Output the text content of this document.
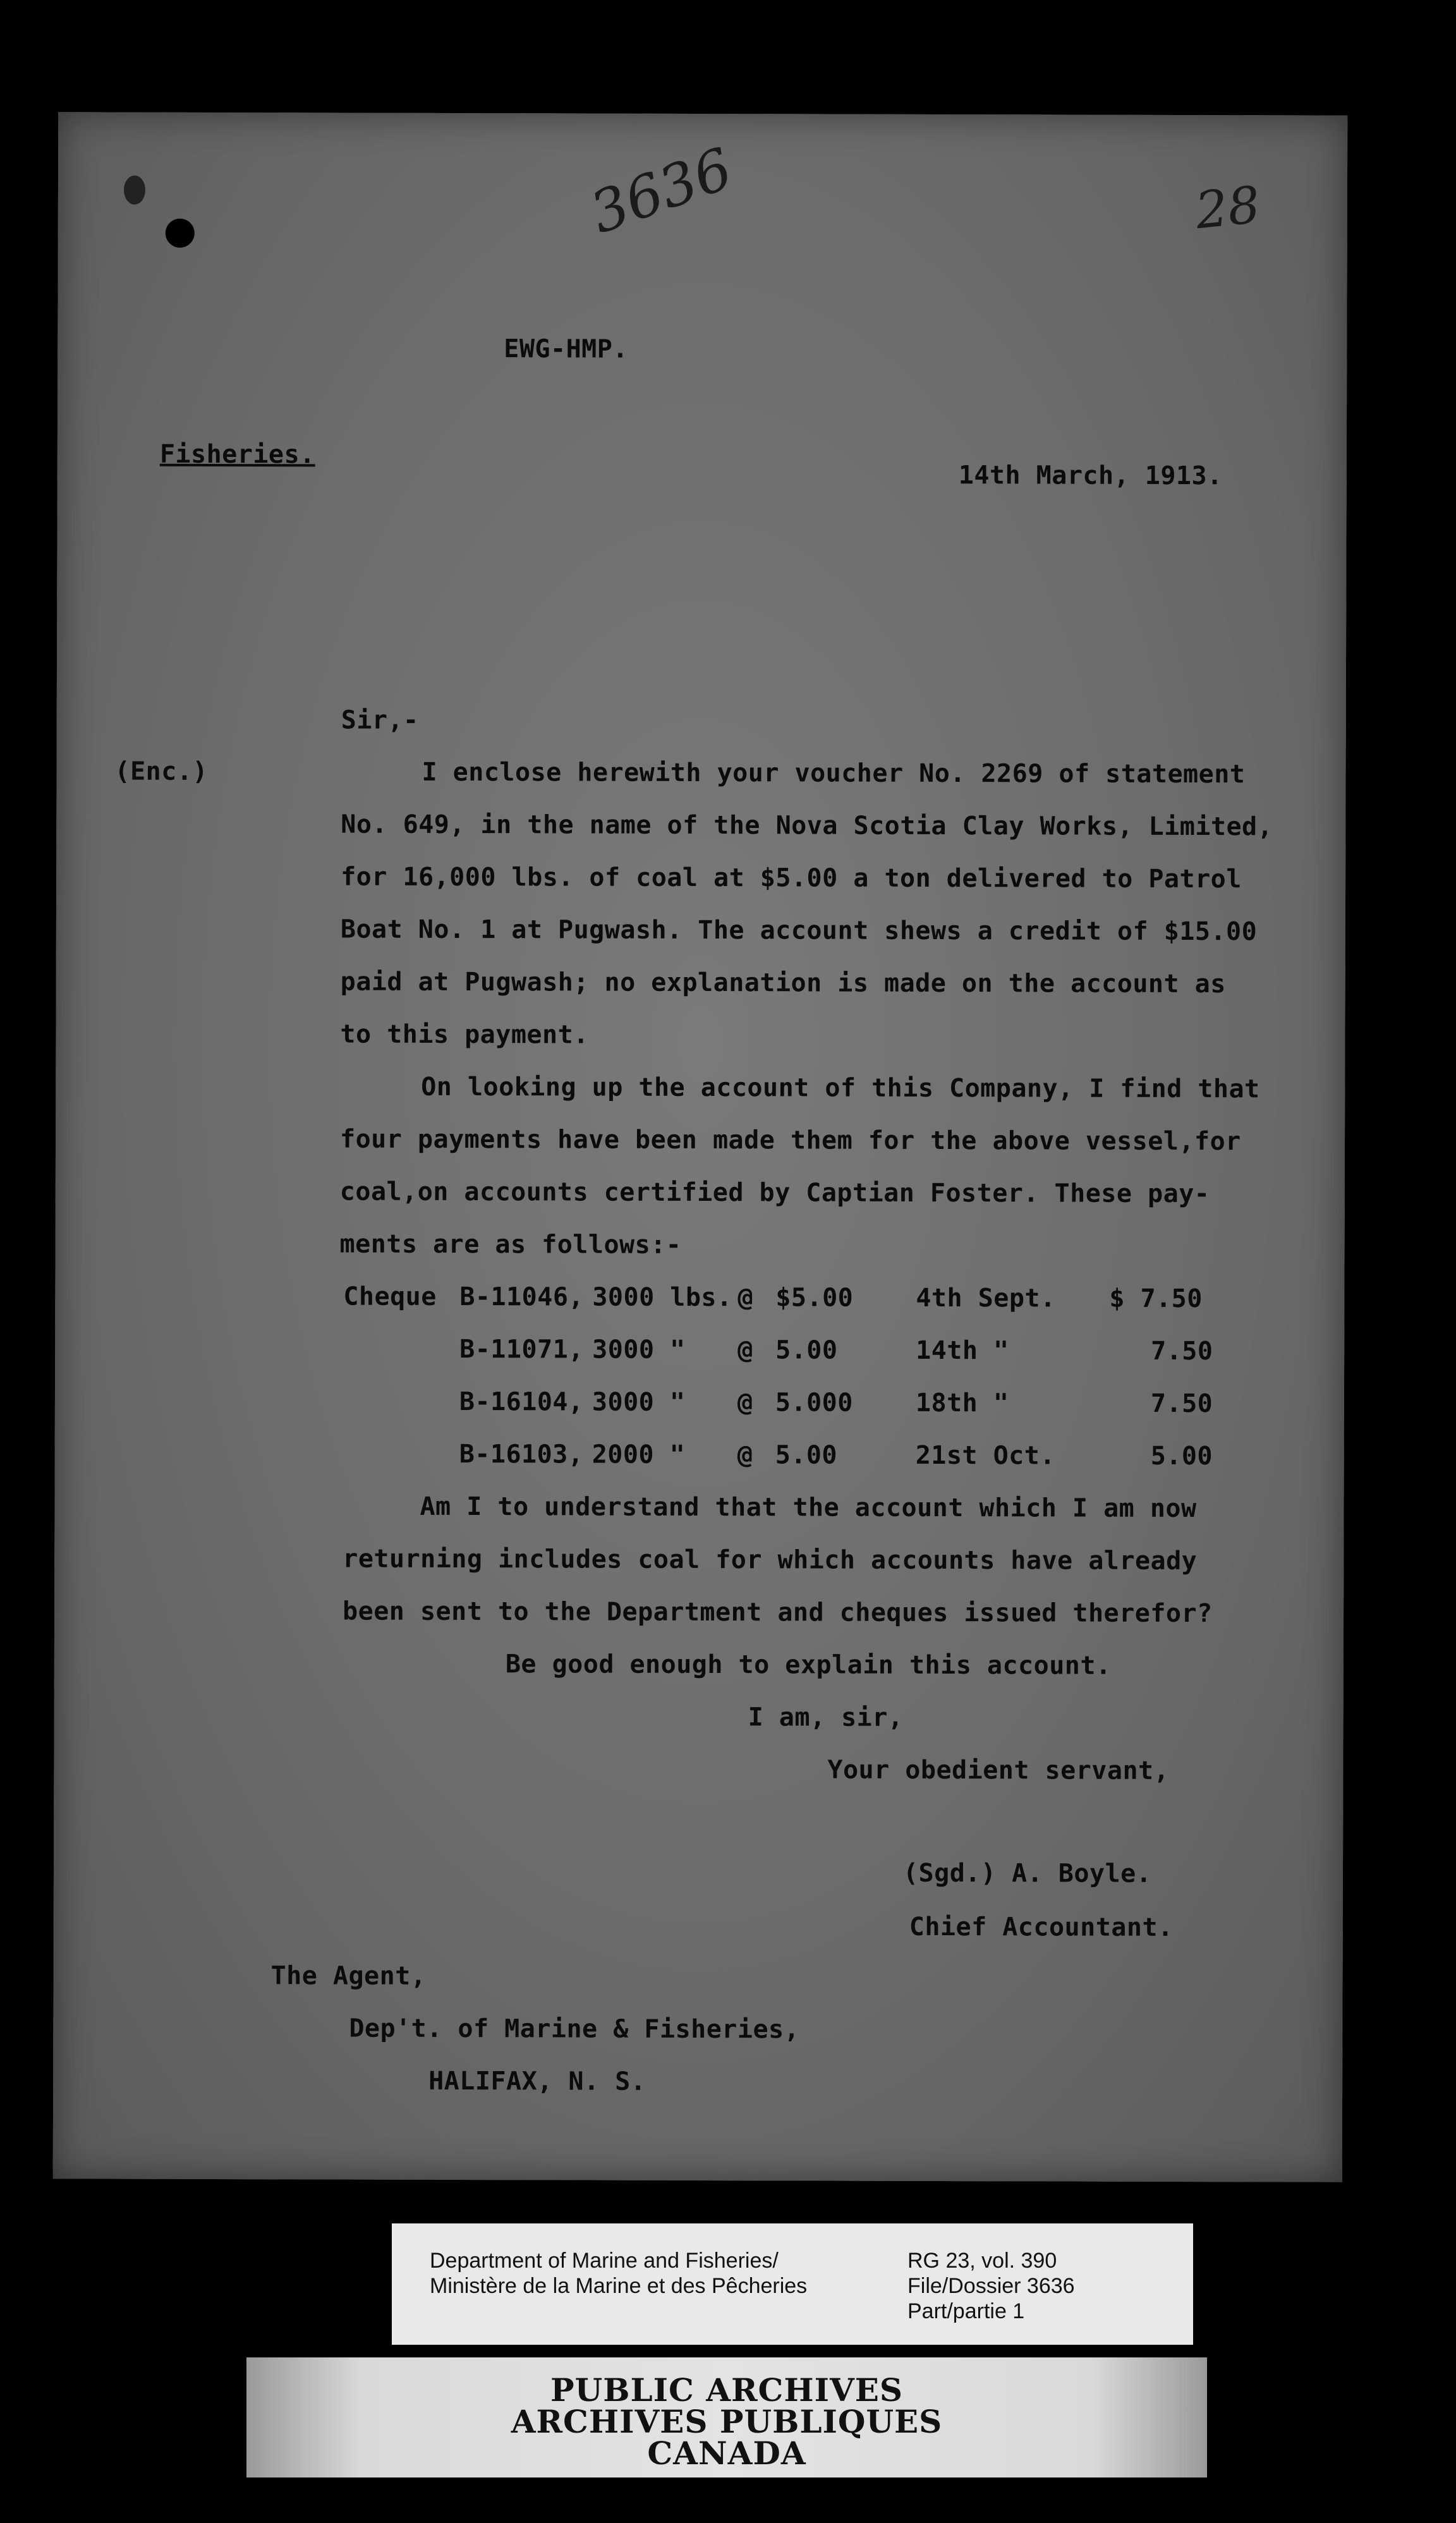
3636	28
EWG-HMP.
Fisheries.
14th March, 1913.
Sir,-
(Enc.)	I enclose herewith your voucher No. 2269 of statement
No. 649, in the name of the Nova Scotia Clay Works, Limited,
for 16,000 lbs. of coal at $5.00 a ton delivered to Patrol
Boat No. 1 at Pugwash. The account shews a credit of $15.00
paid at Pugwash; no explanation is made on the account as
to this payment.
On looking up the account of this Company, I find that
four payments have been made them for the above vessel,for
coal,on accounts certified by Captian Foster. These pay-
ments are as follows:-
Cheque B-11046, 3000 lbs. @ $5.00 4th Sept. $ 7.50
B-11071, 3000 " @ 5.00	14th "	7.50
B-16104, 3000 " @ 5.000 18th "	7.50
B-16103, 2000 " @ 5.00	21st Oct.	5.00
Am I to understand that the account which I am now
returning includes coal for which accounts have already
been sent to the Department and cheques issued therefor?
Be good enough to explain this account.
I am, sir,
Your obedient servant,
(Sgd.) A. Boyle.
Chief Accountant.
The Agent,
Dep't. of Marine & Fisheries,
HALIFAX, N. S.
Department of Marine and Fisheries/
Ministère de la Marine et des Pêcheries
RG 23, vol. 390
File/Dossier 3636
Part/partie 1
PUBLIC ARCHIVES
ARCHIVES PUBLIQUES
CANADA
